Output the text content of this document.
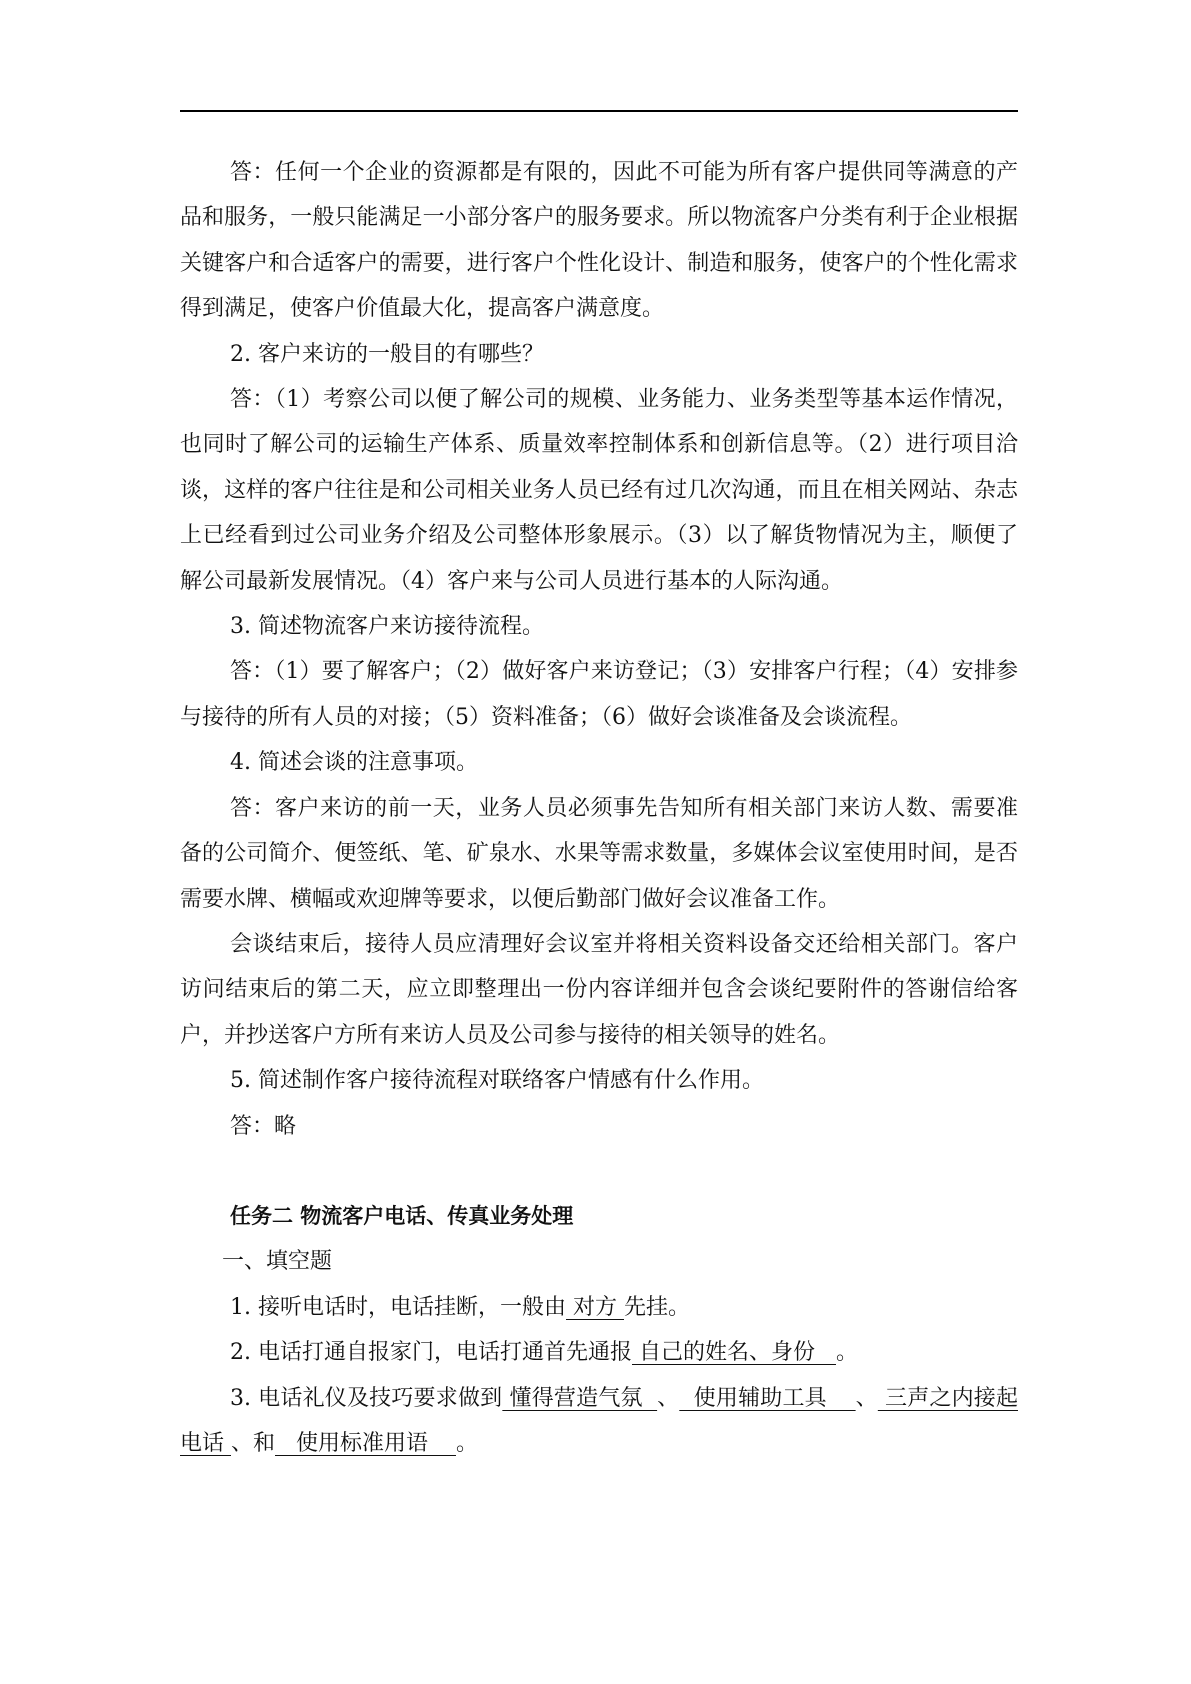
答：任何一个企业的资源都是有限的，因此不可能为所有客户提供同等满意的产品和服务，一般只能满足一小部分客户的服务要求。所以物流客户分类有利于企业根据关键客户和合适客户的需要，进行客户个性化设计、制造和服务，使客户的个性化需求得到满足，使客户价值最大化，提高客户满意度。

2. 客户来访的一般目的有哪些？

答：（1）考察公司以便了解公司的规模、业务能力、业务类型等基本运作情况，也同时了解公司的运输生产体系、质量效率控制体系和创新信息等。（2）进行项目洽谈，这样的客户往往是和公司相关业务人员已经有过几次沟通，而且在相关网站、杂志上已经看到过公司业务介绍及公司整体形象展示。（3）以了解货物情况为主，顺便了解公司最新发展情况。（4）客户来与公司人员进行基本的人际沟通。

3. 简述物流客户来访接待流程。

答：（1）要了解客户；（2）做好客户来访登记；（3）安排客户行程；（4）安排参与接待的所有人员的对接；（5）资料准备；（6）做好会谈准备及会谈流程。

4. 简述会谈的注意事项。

答：客户来访的前一天，业务人员必须事先告知所有相关部门来访人数、需要准备的公司简介、便签纸、笔、矿泉水、水果等需求数量，多媒体会议室使用时间，是否需要水牌、横幅或欢迎牌等要求，以便后勤部门做好会议准备工作。

会谈结束后，接待人员应清理好会议室并将相关资料设备交还给相关部门。客户访问结束后的第二天，应立即整理出一份内容详细并包含会谈纪要附件的答谢信给客户，并抄送客户方所有来访人员及公司参与接待的相关领导的姓名。

5. 简述制作客户接待流程对联络客户情感有什么作用。

答：略

任务二 物流客户电话、传真业务处理

一、填空题

1. 接听电话时，电话挂断，一般由 对方 先挂。

2. 电话打通自报家门，电话打通首先通报 自己的姓名、身份   。

3. 电话礼仪及技巧要求做到 懂得营造气氛  、  使用辅助工具    、 三声之内接起电话 、和   使用标准用语    。
